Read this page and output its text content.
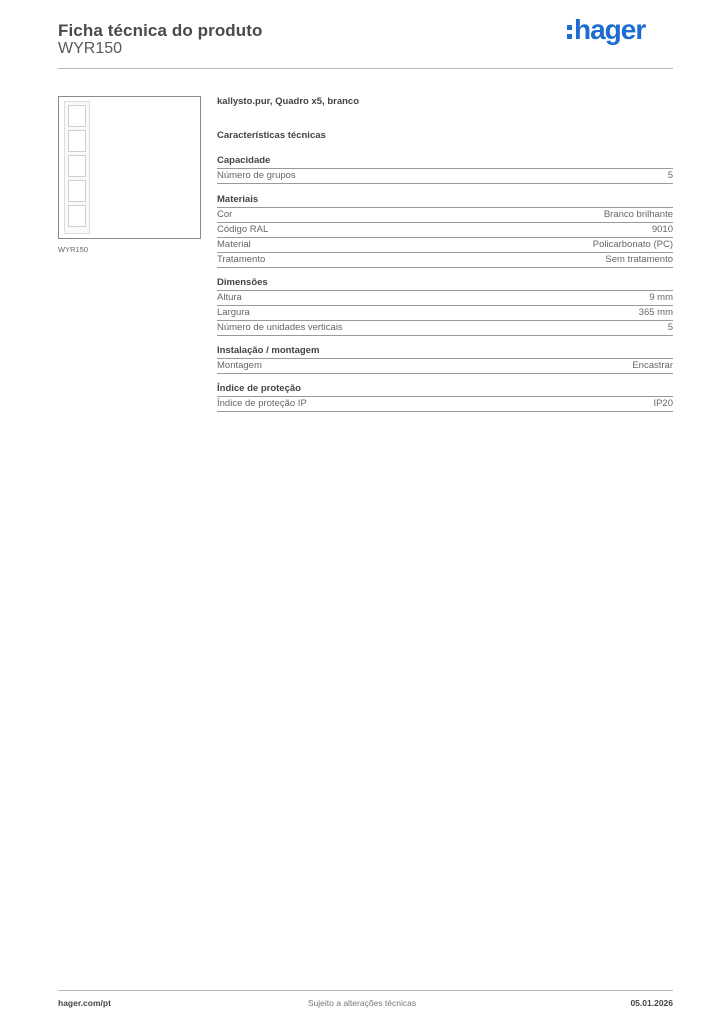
Ficha técnica do produto
WYR150
hager
WYR150
kallysto.pur, Quadro x5, branco
Características técnicas
Capacidade
Número de grupos	5
Materiais
Cor	Branco brilhante
Código RAL	9010
Material	Policarbonato (PC)
Tratamento	Sem tratamento
Dimensões
Altura	9 mm
Largura	365 mm
Número de unidades verticais	5
Instalação / montagem
Montagem	Encastrar
Índice de proteção
Índice de proteção IP	IP20
hager.com/pt	Sujeito a alterações técnicas	05.01.2026
